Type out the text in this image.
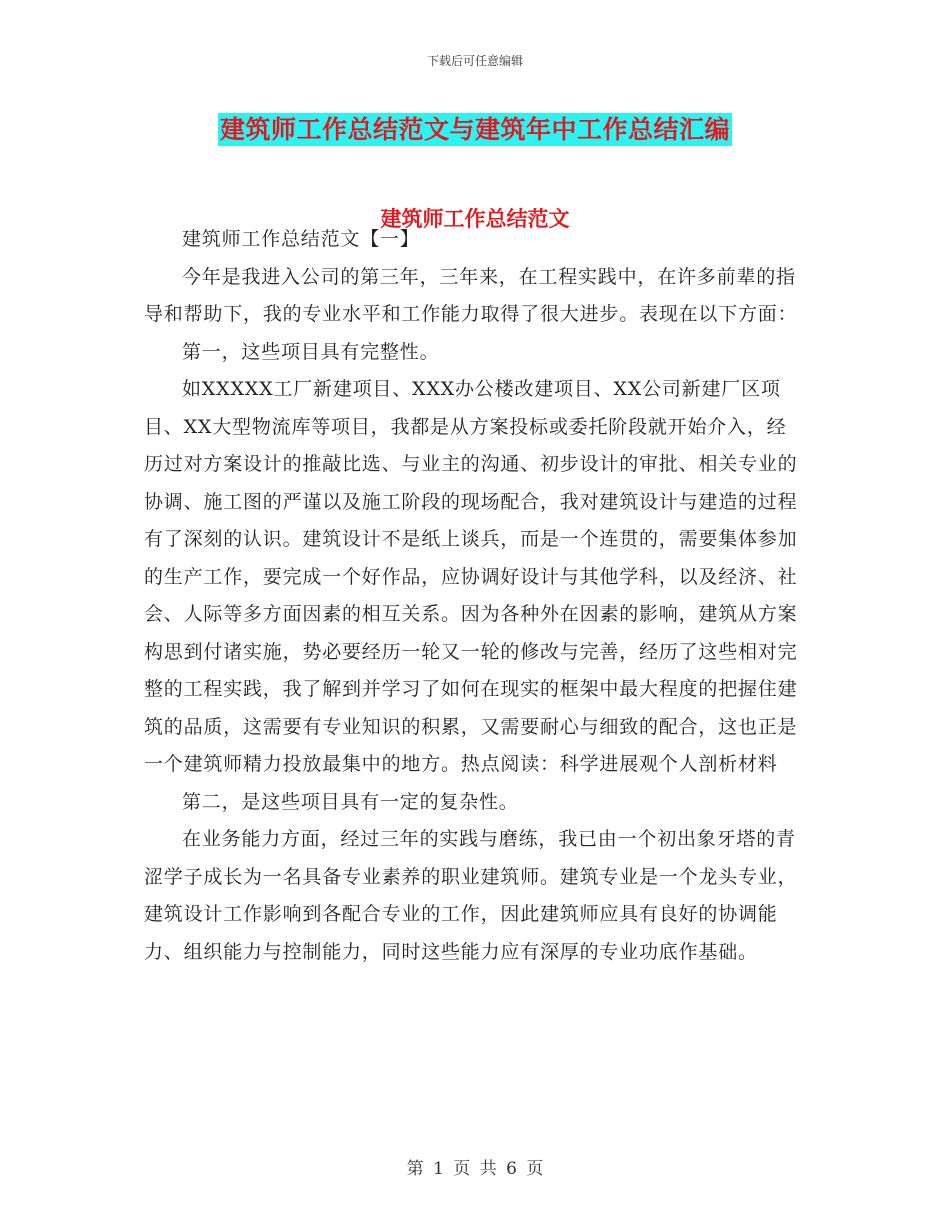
下载后可任意编辑
建筑师工作总结范文与建筑年中工作总结汇编
建筑师工作总结范文

建筑师工作总结范文【一】

今年是我进入公司的第三年，三年来，在工程实践中，在许多前辈的指导和帮助下，我的专业水平和工作能力取得了很大进步。表现在以下方面：

第一，这些项目具有完整性。

如XXXXX工厂新建项目、XXX办公楼改建项目、XX公司新建厂区项目、XX大型物流库等项目，我都是从方案投标或委托阶段就开始介入，经历过对方案设计的推敲比选、与业主的沟通、初步设计的审批、相关专业的协调、施工图的严谨以及施工阶段的现场配合，我对建筑设计与建造的过程有了深刻的认识。建筑设计不是纸上谈兵，而是一个连贯的，需要集体参加的生产工作，要完成一个好作品，应协调好设计与其他学科，以及经济、社会、人际等多方面因素的相互关系。因为各种外在因素的影响，建筑从方案构思到付诸实施，势必要经历一轮又一轮的修改与完善，经历了这些相对完整的工程实践，我了解到并学习了如何在现实的框架中最大程度的把握住建筑的品质，这需要有专业知识的积累，又需要耐心与细致的配合，这也正是一个建筑师精力投放最集中的地方。热点阅读：科学进展观个人剖析材料

第二，是这些项目具有一定的复杂性。

在业务能力方面，经过三年的实践与磨练，我已由一个初出象牙塔的青涩学子成长为一名具备专业素养的职业建筑师。建筑专业是一个龙头专业，建筑设计工作影响到各配合专业的工作，因此建筑师应具有良好的协调能力、组织能力与控制能力，同时这些能力应有深厚的专业功底作基础。

第 1 页 共 6 页
